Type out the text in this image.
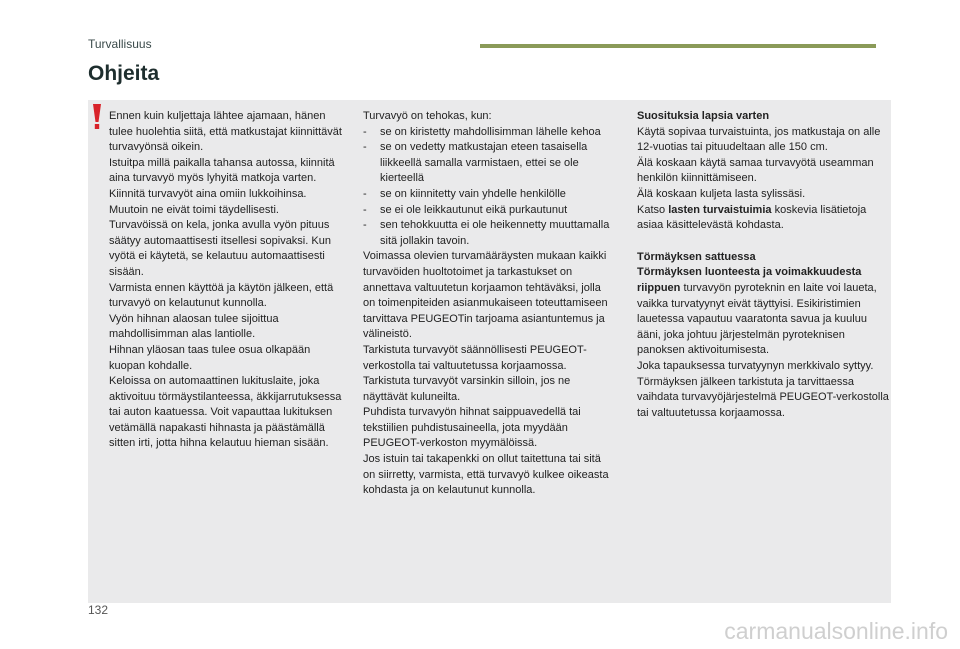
Turvallisuus
Ohjeita

Ennen kuin kuljettaja lähtee ajamaan, hänen tulee huolehtia siitä, että matkustajat kiinnittävät turvavyönsä oikein.

Istuitpa millä paikalla tahansa autossa, kiinnitä aina turvavyö myös lyhyitä matkoja varten.

Kiinnitä turvavyöt aina omiin lukkoihinsa.

Muutoin ne eivät toimi täydellisesti.

Turvavöissä on kela, jonka avulla vyön pituus säätyy automaattisesti itsellesi sopivaksi. Kun vyötä ei käytetä, se kelautuu automaattisesti sisään.

Varmista ennen käyttöä ja käytön jälkeen, että turvavyö on kelautunut kunnolla.

Vyön hihnan alaosan tulee sijoittua mahdollisimman alas lantiolle.

Hihnan yläosan taas tulee osua olkapään kuopan kohdalle.

Keloissa on automaattinen lukituslaite, joka aktivoituu törmäystilanteessa, äkkijarrutuksessa tai auton kaatuessa. Voit vapauttaa lukituksen vetämällä napakasti hihnasta ja päästämällä sitten irti, jotta hihna kelautuu hieman sisään.

Turvavyö on tehokas, kun:

-	se on kiristetty mahdollisimman lähelle kehoa
-	se on vedetty matkustajan eteen tasaisella liikkeellä samalla varmistaen, ettei se ole kierteellä
-	se on kiinnitetty vain yhdelle henkilölle
-	se ei ole leikkautunut eikä purkautunut
-	sen tehokkuutta ei ole heikennetty muuttamalla sitä jollakin tavoin.

Voimassa olevien turvamääräysten mukaan kaikki turvavöiden huoltotoimet ja tarkastukset on annettava valtuutetun korjaamon tehtäväksi, jolla on toimenpiteiden asianmukaiseen toteuttamiseen tarvittava PEUGEOTin tarjoama asiantuntemus ja välineistö.

Tarkistuta turvavyöt säännöllisesti PEUGEOT-verkostolla tai valtuutetussa korjaamossa. Tarkistuta turvavyöt varsinkin silloin, jos ne näyttävät kuluneilta.

Puhdista turvavyön hihnat saippuavedellä tai tekstiilien puhdistusaineella, jota myydään PEUGEOT-verkoston myymälöissä.

Jos istuin tai takapenkki on ollut taitettuna tai sitä on siirretty, varmista, että turvavyö kulkee oikeasta kohdasta ja on kelautunut kunnolla.

Suosituksia lapsia varten

Käytä sopivaa turvaistuinta, jos matkustaja on alle 12-vuotias tai pituudeltaan alle 150 cm.

Älä koskaan käytä samaa turvavyötä useamman henkilön kiinnittämiseen.

Älä koskaan kuljeta lasta sylissäsi.

Katso lasten turvaistuimia koskevia lisätietoja asiaa käsittelevästä kohdasta.

Törmäyksen sattuessa

Törmäyksen luonteesta ja voimakkuudesta riippuen turvavyön pyroteknin en laite voi laueta, vaikka turvatyynyt eivät täyttyisi. Esikiristimien lauetessa vapautuu vaaratonta savua ja kuuluu ääni, joka johtuu järjestelmän pyroteknisen panoksen aktivoitumisesta.

Joka tapauksessa turvatyynyn merkkivalo syttyy.

Törmäyksen jälkeen tarkistuta ja tarvittaessa vaihdata turvavyöjärjestelmä PEUGEOT-verkostolla tai valtuutetussa korjaamossa.

132
carmanualsonline.info
